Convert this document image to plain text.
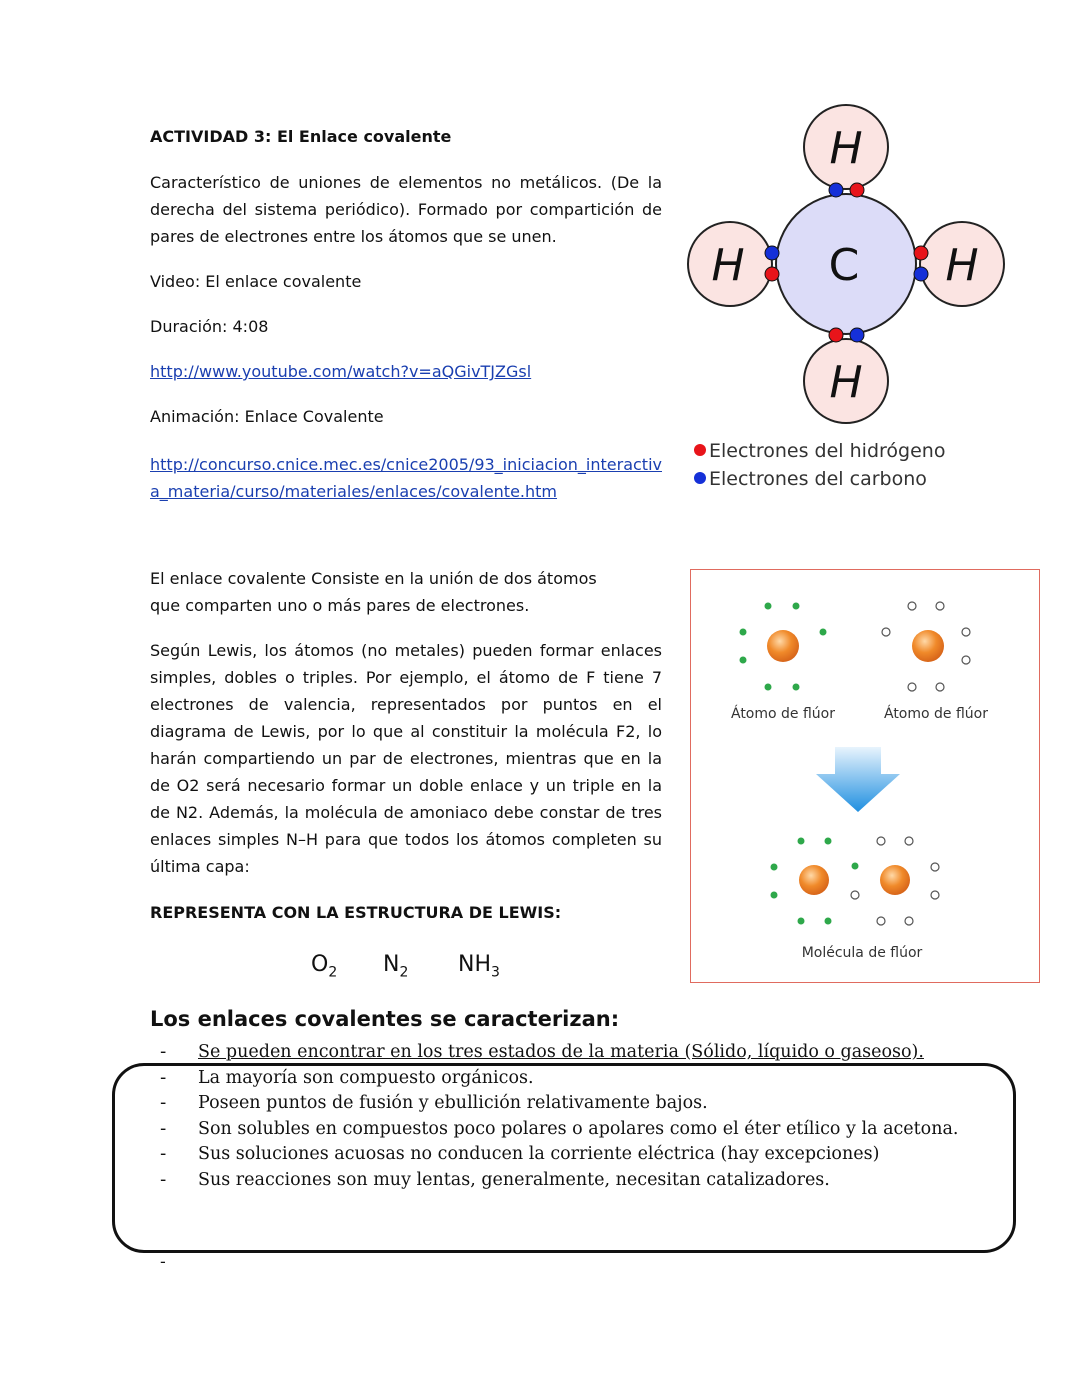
ACTIVIDAD 3: El Enlace covalente
Característico de uniones de elementos no metálicos. (De la derecha del sistema periódico). Formado por compartición de pares de electrones entre los átomos que se unen.
Video: El enlace covalente
Duración: 4:08
http://www.youtube.com/watch?v=aQGivTJZGsl
Animación: Enlace Covalente
http://concurso.cnice.mec.es/cnice2005/93_iniciacion_interactiv
a_materia/curso/materiales/enlaces/covalente.htm
El enlace covalente Consiste en la unión de dos átomos que comparten uno o más pares de electrones.
Según Lewis, los átomos (no metales) pueden formar enlaces simples, dobles o triples. Por ejemplo, el átomo de F tiene 7 electrones de valencia, representados por puntos en el diagrama de Lewis, por lo que al constituir la molécula F2, lo harán compartiendo un par de electrones, mientras que en la de O2 será necesario formar un doble enlace y un triple en la de N2. Además, la molécula de amoniaco debe constar de tres enlaces simples N–H para que todos los átomos completen su última capa:
REPRESENTA CON LA ESTRUCTURA DE LEWIS:
$O_2$ $N_2$ $NH_3$
H
H
H	H
C
Electrones del hidrógeno
Electrones del carbono
Átomo de flúor	Átomo de flúor
Molécula de flúor
Los enlaces covalentes se caracterizan:
-	Se pueden encontrar en los tres estados de la materia (Sólido, líquido o gaseoso).
-	La mayoría son compuesto orgánicos.
-	Poseen puntos de fusión y ebullición relativamente bajos.
-	Son solubles en compuestos poco polares o apolares como el éter etílico y la acetona.
-	Sus soluciones acuosas no conducen la corriente eléctrica (hay excepciones)
-	Sus reacciones son muy lentas, generalmente, necesitan catalizadores.
-
